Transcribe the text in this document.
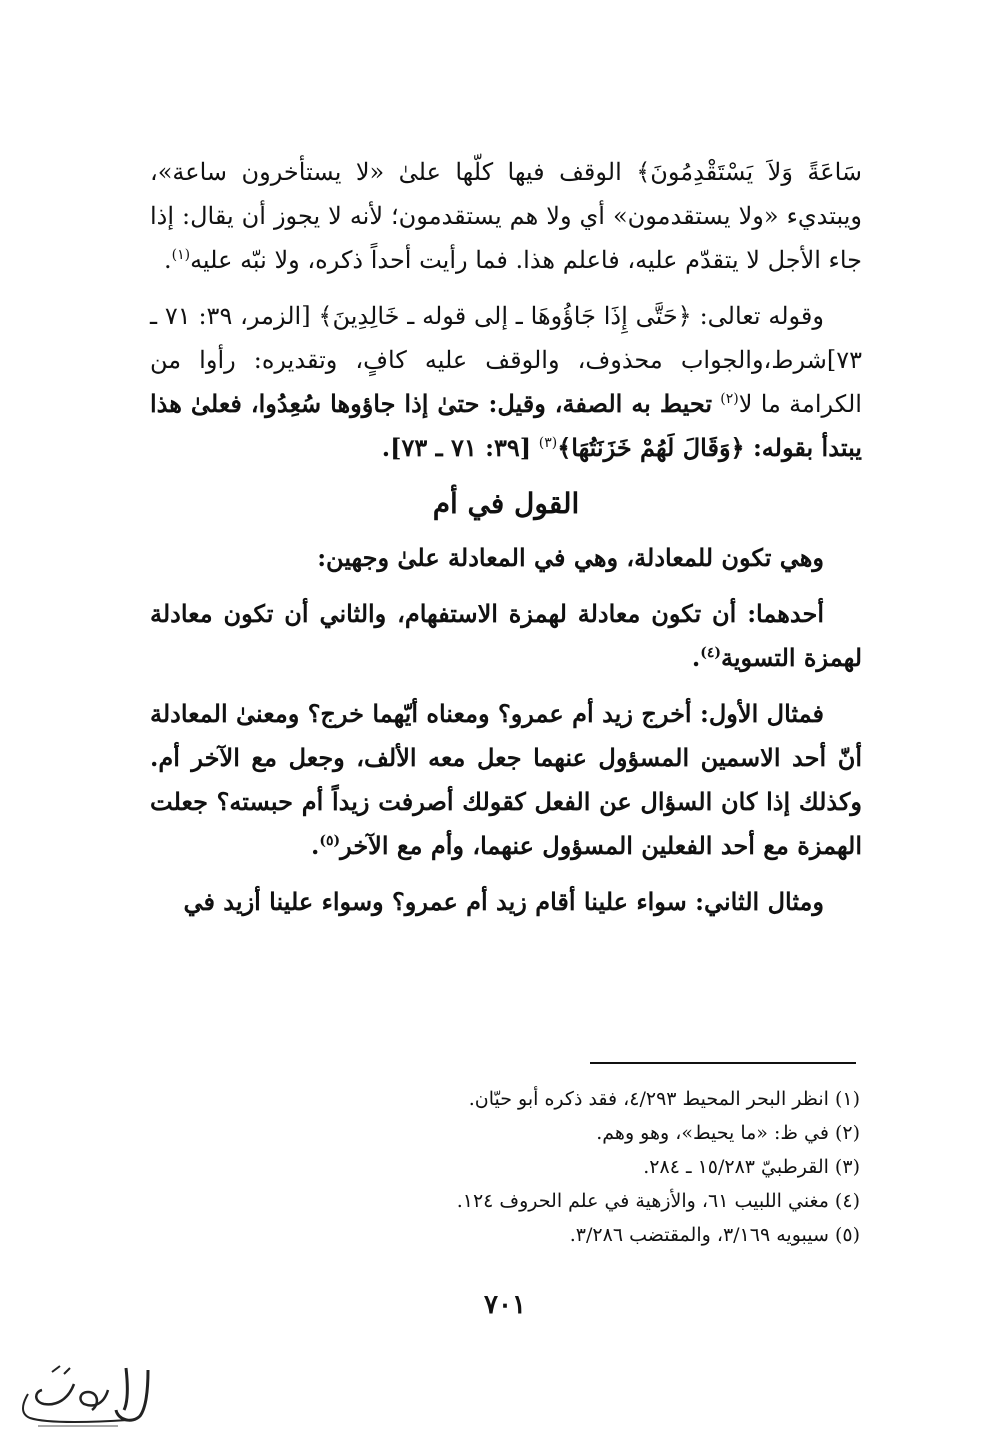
سَاعَةً وَلاَ يَسْتَقْدِمُونَ﴾ الوقف فيها كلّها علىٰ «لا يستأخرون ساعة»، ويبتديء «ولا يستقدمون» أي ولا هم يستقدمون؛ لأنه لا يجوز أن يقال: إذا جاء الأجل لا يتقدّم عليه، فاعلم هذا. فما رأيت أحداً ذكره، ولا نبّه عليه$^{(١)}$.

وقوله تعالى: ﴿حَتَّى إِذَا جَاؤُوهَا ـ إلى قوله ـ خَالِدِينَ﴾ [الزمر، ٣٩: ٧١ ـ ٧٣]شرط،والجواب محذوف، والوقف عليه كافٍ، وتقديره: رأوا من الكرامة ما لا$^{(٢)}$ تحيط به الصفة، وقيل: حتىٰ إذا جاؤوها سُعِدُوا، فعلىٰ هذا يبتدأ بقوله: ﴿وَقَالَ لَهُمْ خَزَنَتُهَا﴾$^{(٣)}$ [٣٩: ٧١ ـ ٧٣].

القول في أم

وهي تكون للمعادلة، وهي في المعادلة علىٰ وجهين:

أحدهما: أن تكون معادلة لهمزة الاستفهام، والثاني أن تكون معادلة لهمزة التسوية$^{(٤)}$.

فمثال الأول: أخرج زيد أم عمرو؟ ومعناه أيّهما خرج؟ ومعنىٰ المعادلة أنّ أحد الاسمين المسؤول عنهما جعل معه الألف، وجعل مع الآخر أم. وكذلك إذا كان السؤال عن الفعل كقولك أصرفت زيداً أم حبسته؟ جعلت الهمزة مع أحد الفعلين المسؤول عنهما، وأم مع الآخر$^{(٥)}$.

ومثال الثاني: سواء علينا أقام زيد أم عمرو؟ وسواء علينا أزيد في

(١) انظر البحر المحيط ٤/٢٩٣، فقد ذكره أبو حيّان.
(٢) في ظ: «ما يحيط»، وهو وهم.
(٣) القرطبيّ ١٥/٢٨٣ ـ ٢٨٤.
(٤) مغني اللبيب ٦١، والأزهية في علم الحروف ١٢٤.
(٥) سيبويه ٣/١٦٩، والمقتضب ٣/٢٨٦.
٧٠١
